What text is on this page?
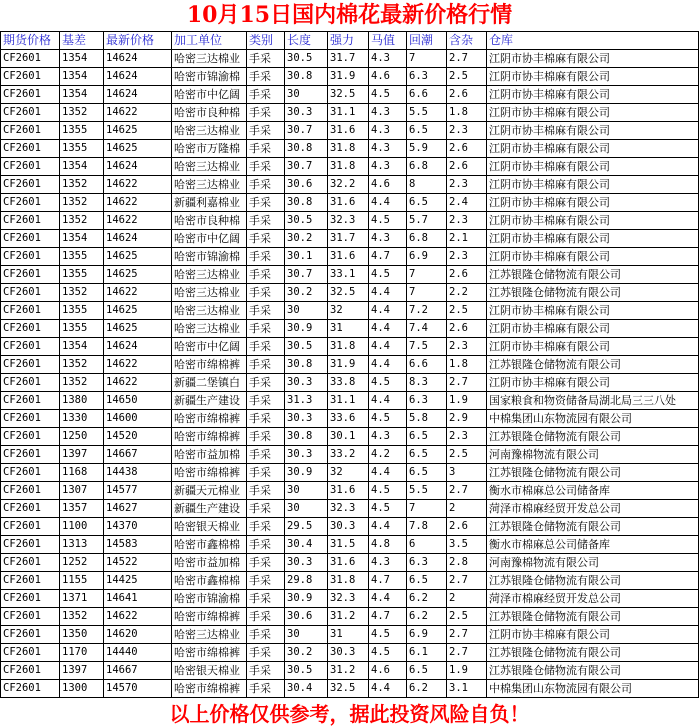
10月15日国内棉花最新价格行情
期货价格	基差	最新价格	加工单位	类别	长度	强力	马值	回潮	含杂	仓库
CF2601	1354	14624	哈密三达棉业	手采	30.5	31.7	4.3	7	2.7	江阴市协丰棉麻有限公司
CF2601	1354	14624	哈密市锦渝棉	手采	30.8	31.9	4.6	6.3	2.5	江阴市协丰棉麻有限公司
CF2601	1354	14624	哈密市中亿阔	手采	30	32.5	4.5	6.6	2.6	江阴市协丰棉麻有限公司
CF2601	1352	14622	哈密市良种棉	手采	30.3	31.1	4.3	5.5	1.8	江阴市协丰棉麻有限公司
CF2601	1355	14625	哈密三达棉业	手采	30.7	31.6	4.3	6.5	2.3	江阴市协丰棉麻有限公司
CF2601	1355	14625	哈密市万隆棉	手采	30.8	31.8	4.3	5.9	2.6	江阴市协丰棉麻有限公司
CF2601	1354	14624	哈密三达棉业	手采	30.7	31.8	4.3	6.8	2.6	江阴市协丰棉麻有限公司
CF2601	1352	14622	哈密三达棉业	手采	30.6	32.2	4.6	8	2.3	江阴市协丰棉麻有限公司
CF2601	1352	14622	新疆利嘉棉业	手采	30.8	31.6	4.4	6.5	2.4	江阴市协丰棉麻有限公司
CF2601	1352	14622	哈密市良种棉	手采	30.5	32.3	4.5	5.7	2.3	江阴市协丰棉麻有限公司
CF2601	1354	14624	哈密市中亿阔	手采	30.2	31.7	4.3	6.8	2.1	江阴市协丰棉麻有限公司
CF2601	1355	14625	哈密市锦渝棉	手采	30.1	31.6	4.7	6.9	2.3	江阴市协丰棉麻有限公司
CF2601	1355	14625	哈密三达棉业	手采	30.7	33.1	4.5	7	2.6	江苏银隆仓储物流有限公司
CF2601	1352	14622	哈密三达棉业	手采	30.2	32.5	4.4	7	2.2	江苏银隆仓储物流有限公司
CF2601	1355	14625	哈密三达棉业	手采	30	32	4.4	7.2	2.5	江阴市协丰棉麻有限公司
CF2601	1355	14625	哈密三达棉业	手采	30.9	31	4.4	7.4	2.6	江阴市协丰棉麻有限公司
CF2601	1354	14624	哈密市中亿阔	手采	30.5	31.8	4.4	7.5	2.3	江阴市协丰棉麻有限公司
CF2601	1352	14622	哈密市绵棉裤	手采	30.8	31.9	4.4	6.6	1.8	江苏银隆仓储物流有限公司
CF2601	1352	14622	新疆二堡镇白	手采	30.3	33.8	4.5	8.3	2.7	江阴市协丰棉麻有限公司
CF2601	1380	14650	新疆生产建设	手采	31.3	31.1	4.4	6.3	1.9	国家粮食和物资储备局湖北局三三八处
CF2601	1330	14600	哈密市绵棉裤	手采	30.3	33.6	4.5	5.8	2.9	中棉集团山东物流园有限公司
CF2601	1250	14520	哈密市绵棉裤	手采	30.8	30.1	4.3	6.5	2.3	江苏银隆仓储物流有限公司
CF2601	1397	14667	哈密市益加棉	手采	30.3	33.2	4.2	6.5	2.5	河南豫棉物流有限公司
CF2601	1168	14438	哈密市绵棉裤	手采	30.9	32	4.4	6.5	3	江苏银隆仓储物流有限公司
CF2601	1307	14577	新疆天元棉业	手采	30	31.6	4.5	5.5	2.7	衡水市棉麻总公司储备库
CF2601	1357	14627	新疆生产建设	手采	30	32.3	4.5	7	2	菏泽市棉麻经贸开发总公司
CF2601	1100	14370	哈密银天棉业	手采	29.5	30.3	4.4	7.8	2.6	江苏银隆仓储物流有限公司
CF2601	1313	14583	哈密市鑫棉棉	手采	30.4	31.5	4.8	6	3.5	衡水市棉麻总公司储备库
CF2601	1252	14522	哈密市益加棉	手采	30.3	31.6	4.3	6.3	2.8	河南豫棉物流有限公司
CF2601	1155	14425	哈密市鑫棉棉	手采	29.8	31.8	4.7	6.5	2.7	江苏银隆仓储物流有限公司
CF2601	1371	14641	哈密市锦渝棉	手采	30.9	32.3	4.4	6.2	2	菏泽市棉麻经贸开发总公司
CF2601	1352	14622	哈密市绵棉裤	手采	30.6	31.2	4.7	6.2	2.5	江苏银隆仓储物流有限公司
CF2601	1350	14620	哈密三达棉业	手采	30	31	4.5	6.9	2.7	江阴市协丰棉麻有限公司
CF2601	1170	14440	哈密市绵棉裤	手采	30.2	30.3	4.5	6.1	2.7	江苏银隆仓储物流有限公司
CF2601	1397	14667	哈密银天棉业	手采	30.5	31.2	4.6	6.5	1.9	江苏银隆仓储物流有限公司
CF2601	1300	14570	哈密市绵棉裤	手采	30.4	32.5	4.4	6.2	3.1	中棉集团山东物流园有限公司
以上价格仅供参考，据此投资风险自负！
